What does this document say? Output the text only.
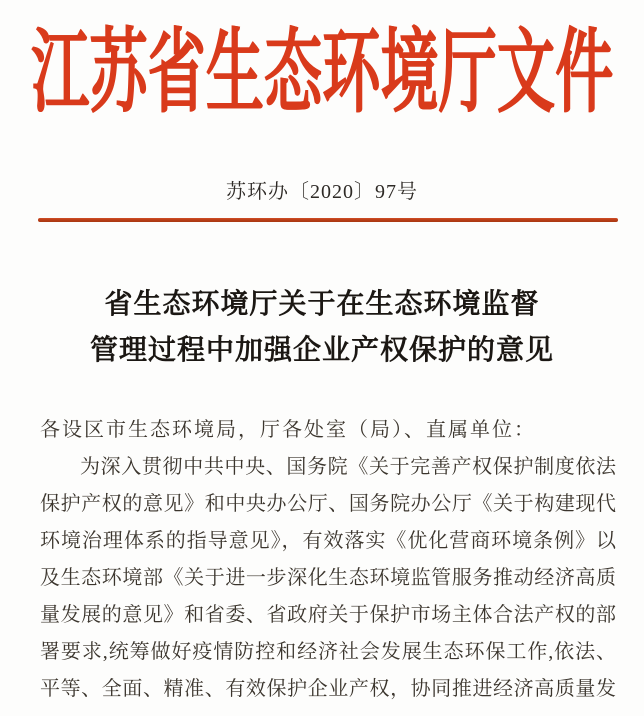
江 苏 省 生 态 环 境 厅 文 件
苏环办〔2020〕97号
省生态环境厅关于在生态环境监督
管理过程中加强企业产权保护的意见
各设区市生态环境局，厅各处室（局）、直属单位：
为深入贯彻中共中央、国务院《关于完善产权保护制度依法
保护产权的意见》和中央办公厅、国务院办公厅《关于构建现代
环境治理体系的指导意见》，有效落实《优化营商环境条例》以
及生态环境部《关于进一步深化生态环境监管服务推动经济高质
量发展的意见》和省委、省政府关于保护市场主体合法产权的部
署要求,统筹做好疫情防控和经济社会发展生态环保工作,依法、
平等、全面、精准、有效保护企业产权，协同推进经济高质量发
